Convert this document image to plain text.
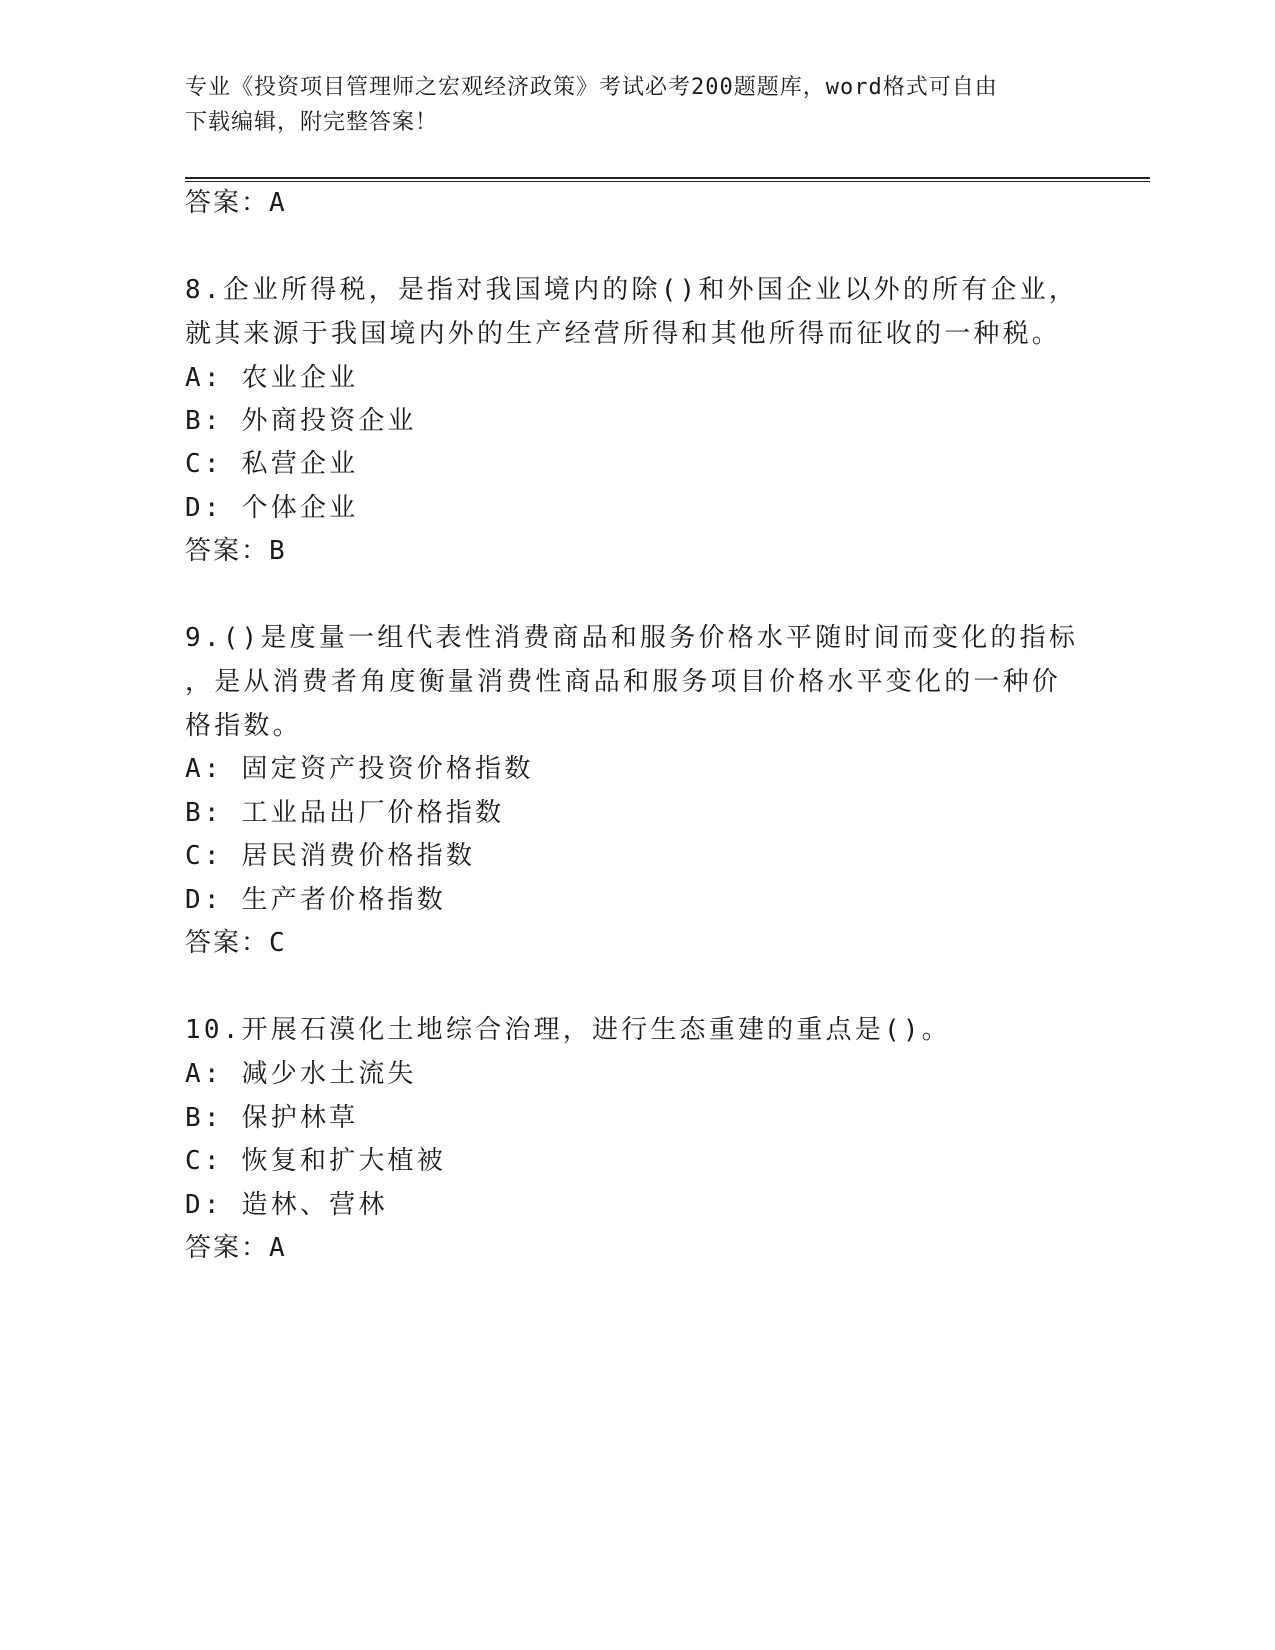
专业《投资项目管理师之宏观经济政策》考试必考200题题库，word格式可自由
下载编辑，附完整答案！
答案：A
8.企业所得税，是指对我国境内的除()和外国企业以外的所有企业，
就其来源于我国境内外的生产经营所得和其他所得而征收的一种税。
A: 农业企业
B: 外商投资企业
C: 私营企业
D: 个体企业
答案：B
9.()是度量一组代表性消费商品和服务价格水平随时间而变化的指标
，是从消费者角度衡量消费性商品和服务项目价格水平变化的一种价
格指数。
A: 固定资产投资价格指数
B: 工业品出厂价格指数
C: 居民消费价格指数
D: 生产者价格指数
答案：C
10.开展石漠化土地综合治理，进行生态重建的重点是()。
A: 减少水土流失
B: 保护林草
C: 恢复和扩大植被
D: 造林、营林
答案：A
